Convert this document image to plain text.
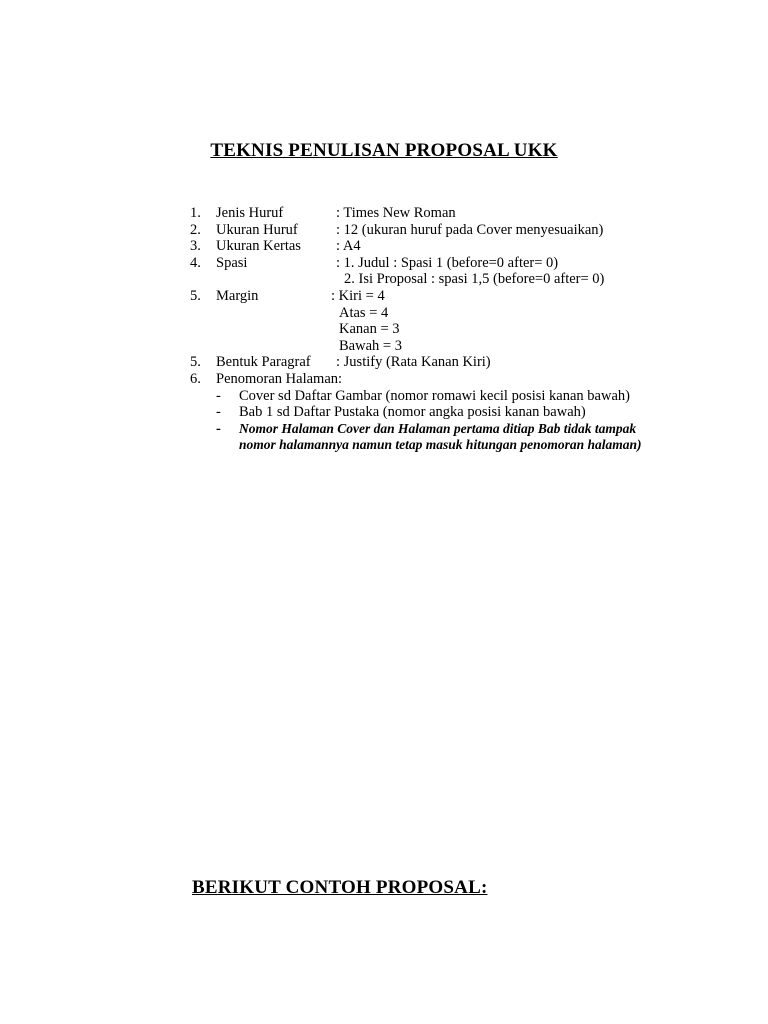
TEKNIS PENULISAN PROPOSAL UKK
1. Jenis Huruf	: Times New Roman
2. Ukuran Huruf	: 12 (ukuran huruf pada Cover menyesuaikan)
3. Ukuran Kertas : A4
4. Spasi	: 1. Judul : Spasi 1 (before=0 after= 0)
2. Isi Proposal : spasi 1,5 (before=0 after= 0)
5. Margin	: Kiri = 4
Atas = 4
Kanan = 3
Bawah = 3
5. Bentuk Paragraf : Justify (Rata Kanan Kiri)
6. Penomoran Halaman:
- Cover sd Daftar Gambar (nomor romawi kecil posisi kanan bawah)
- Bab 1 sd Daftar Pustaka (nomor angka posisi kanan bawah)
- Nomor Halaman Cover dan Halaman pertama ditiap Bab tidak tampak nomor halamannya namun tetap masuk hitungan penomoran halaman)
BERIKUT CONTOH PROPOSAL:
